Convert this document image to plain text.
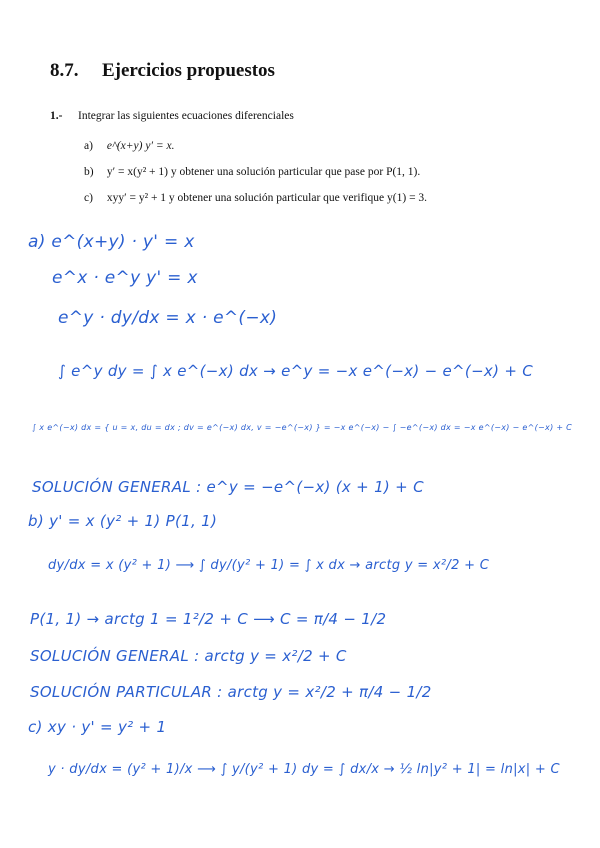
8.7. Ejercicios propuestos
1.- Integrar las siguientes ecuaciones diferenciales
a) e^(x+y) y′ = x.
b) y′ = x(y² + 1) y obtener una solución particular que pase por P(1, 1).
c) xyy′ = y² + 1 y obtener una solución particular que verifique y(1) = 3.
a) e^(x+y) · y' = x
e^x · e^y y' = x
e^y · dy/dx = x · e^(−x)
∫ e^y dy = ∫ x e^(−x) dx → e^y = −x e^(−x) − e^(−x) + C
∫ x e^(−x) dx = { u = x, du = dx ; dv = e^(−x) dx, v = −e^(−x) } = −x e^(−x) − ∫ −e^(−x) dx = −x e^(−x) − e^(−x) + C
SOLUCIÓN GENERAL : e^y = −e^(−x) (x + 1) + C
b) y' = x (y² + 1) P(1, 1)
dy/dx = x (y² + 1) ⟶ ∫ dy/(y² + 1) = ∫ x dx → arctg y = x²/2 + C
P(1, 1) → arctg 1 = 1²/2 + C ⟶ C = π/4 − 1/2
SOLUCIÓN GENERAL : arctg y = x²/2 + C
SOLUCIÓN PARTICULAR : arctg y = x²/2 + π/4 − 1/2
c) xy · y' = y² + 1
y · dy/dx = (y² + 1)/x ⟶ ∫ y/(y² + 1) dy = ∫ dx/x → ½ ln|y² + 1| = ln|x| + C
